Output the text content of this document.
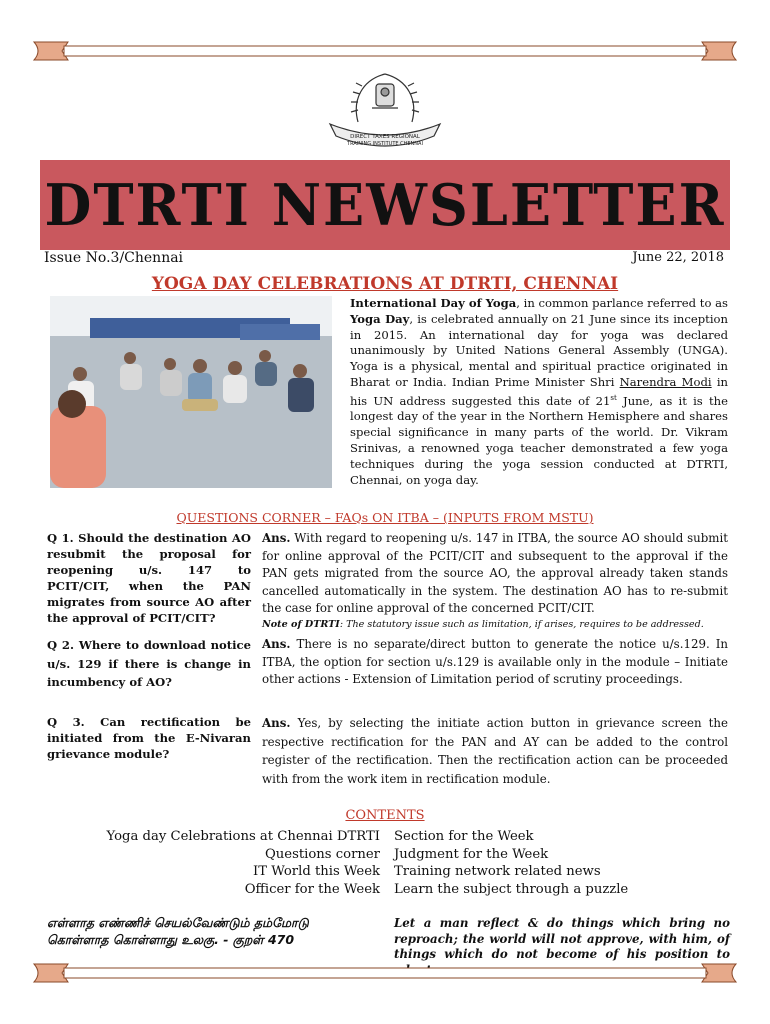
DIRECT TAXES REGIONAL
TRAINING INSTITUTE CHENNAI
DTRTI NEWSLETTER
Issue No.3/Chennai	June 22, 2018
YOGA DAY CELEBRATIONS AT DTRTI, CHENNAI
International Day of Yoga, in common parlance referred to as Yoga Day, is celebrated annually on 21 June since its inception in 2015. An international day for yoga was declared unanimously by United Nations General Assembly (UNGA). Yoga is a physical, mental and spiritual practice originated in Bharat or India. Indian Prime Minister Shri Narendra Modi in his UN address suggested this date of 21st June, as it is the longest day of the year in the Northern Hemisphere and shares special significance in many parts of the world. Dr. Vikram Srinivas, a renowned yoga teacher demonstrated a few yoga techniques during the yoga session conducted at DTRTI, Chennai, on yoga day.
QUESTIONS CORNER – FAQs ON ITBA – (INPUTS FROM MSTU)
Q 1. Should the destination AO resubmit the proposal for reopening u/s. 147 to PCIT/CIT, when the PAN migrates from source AO after the approval of PCIT/CIT?
Ans. With regard to reopening u/s. 147 in ITBA, the source AO should submit for online approval of the PCIT/CIT and subsequent to the approval if the PAN gets migrated from the source AO, the approval already taken stands cancelled automatically in the system. The destination AO has to re-submit the case for online approval of the concerned PCIT/CIT.
Note of DTRTI: The statutory issue such as limitation, if arises, requires to be addressed.
Q 2. Where to download notice u/s. 129 if there is change in incumbency of AO?
Ans. There is no separate/direct button to generate the notice u/s.129. In ITBA, the option for section u/s.129 is available only in the module – Initiate other actions - Extension of Limitation period of scrutiny proceedings.
Q 3. Can rectification be initiated from the E-Nivaran grievance module?
Ans. Yes, by selecting the initiate action button in grievance screen the respective rectification for the PAN and AY can be added to the control register of the rectification. Then the rectification action can be proceeded with from the work item in rectification module.
CONTENTS
Yoga day Celebrations at Chennai DTRTI
Questions corner
IT World this Week
Officer for the Week
Section for the Week
Judgment for the Week
Training network related news
Learn the subject through a puzzle
எள்ளாத எண்ணிச் செயல்வேண்டும் தம்மோடு
கொள்ளாத கொள்ளாது உலகு. - குறள் 470
Let a man reflect & do things which bring no reproach; the world will not approve, with him, of things which do not become of his position to
